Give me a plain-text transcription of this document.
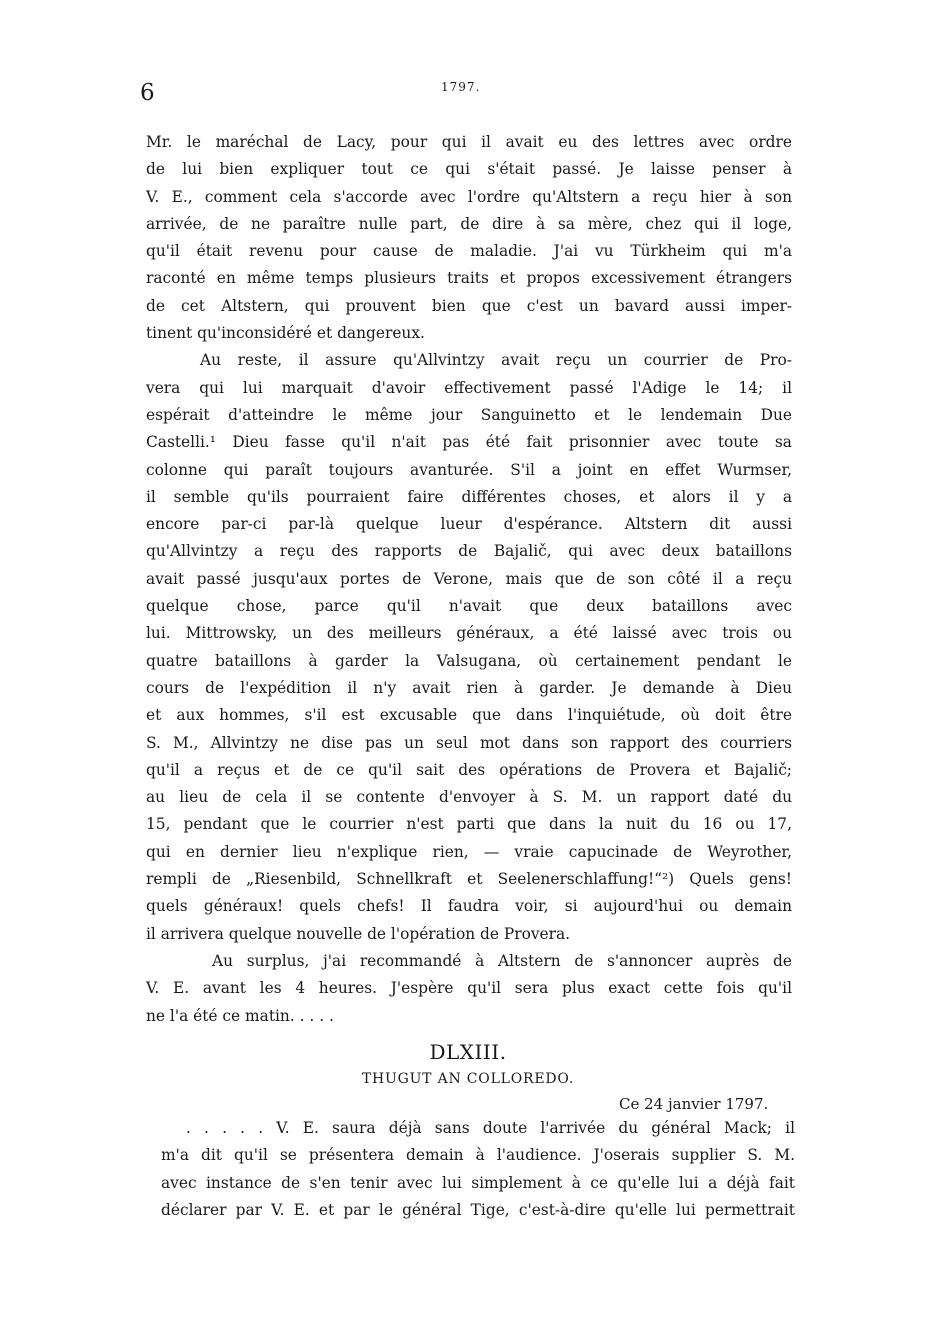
6	1797.
Mr. le maréchal de Lacy, pour qui il avait eu des lettres avec ordre
de lui bien expliquer tout ce qui s'était passé. Je laisse penser à
V. E., comment cela s'accorde avec l'ordre qu'Altstern a reçu hier à son
arrivée, de ne paraître nulle part, de dire à sa mère, chez qui il loge,
qu'il était revenu pour cause de maladie. J'ai vu Türkheim qui m'a
raconté en même temps plusieurs traits et propos excessivement étrangers
de cet Altstern, qui prouvent bien que c'est un bavard aussi imper-
tinent qu'inconsidéré et dangereux.
Au reste, il assure qu'Allvintzy avait reçu un courrier de Pro-
vera qui lui marquait d'avoir effectivement passé l'Adige le 14; il
espérait d'atteindre le même jour Sanguinetto et le lendemain Due
Castelli.¹ Dieu fasse qu'il n'ait pas été fait prisonnier avec toute sa
colonne qui paraît toujours avanturée. S'il a joint en effet Wurmser,
il semble qu'ils pourraient faire différentes choses, et alors il y a
encore par-ci par-là quelque lueur d'espérance. Altstern dit aussi
qu'Allvintzy a reçu des rapports de Bajalič, qui avec deux bataillons
avait passé jusqu'aux portes de Verone, mais que de son côté il a reçu
quelque chose, parce qu'il n'avait que deux bataillons avec
lui. Mittrowsky, un des meilleurs généraux, a été laissé avec trois ou
quatre bataillons à garder la Valsugana, où certainement pendant le
cours de l'expédition il n'y avait rien à garder. Je demande à Dieu
et aux hommes, s'il est excusable que dans l'inquiétude, où doit être
S. M., Allvintzy ne dise pas un seul mot dans son rapport des courriers
qu'il a reçus et de ce qu'il sait des opérations de Provera et Bajalič;
au lieu de cela il se contente d'envoyer à S. M. un rapport daté du
15, pendant que le courrier n'est parti que dans la nuit du 16 ou 17,
qui en dernier lieu n'explique rien, — vraie capucinade de Weyrother,
rempli de „Riesenbild, Schnellkraft et Seelenerschlaffung!“²) Quels gens!
quels généraux! quels chefs! Il faudra voir, si aujourd'hui ou demain
il arrivera quelque nouvelle de l'opération de Provera.
Au surplus, j'ai recommandé à Altstern de s'annoncer auprès de
V. E. avant les 4 heures. J'espère qu'il sera plus exact cette fois qu'il
ne l'a été ce matin. . . . .
DLXIII.
THUGUT AN COLLOREDO.
Ce 24 janvier 1797.
. . . . . V. E. saura déjà sans doute l'arrivée du général Mack; il
m'a dit qu'il se présentera demain à l'audience. J'oserais supplier S. M.
avec instance de s'en tenir avec lui simplement à ce qu'elle lui a déjà fait
déclarer par V. E. et par le général Tige, c'est-à-dire qu'elle lui permettrait
